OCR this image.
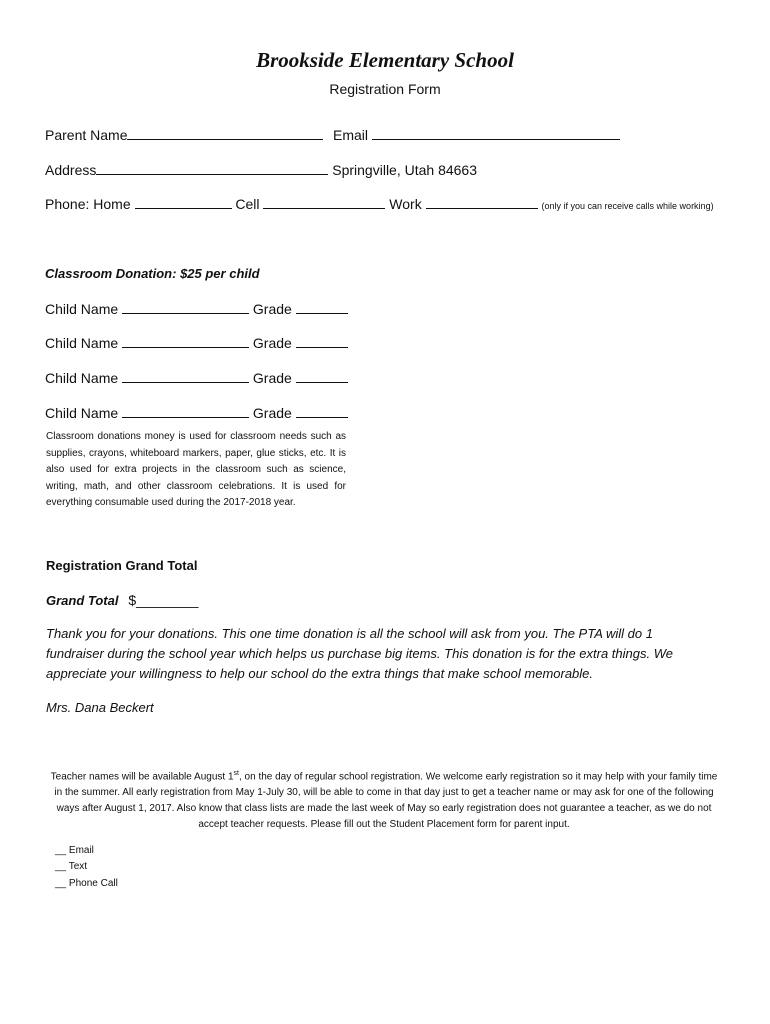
Brookside Elementary School
Registration Form
Parent Name	Email
Address	Springville, Utah 84663
Phone: Home	Cell	Work	(only if you can receive calls while working)
Classroom Donation: $25 per child
Child Name	Grade
Child Name	Grade
Child Name	Grade
Child Name	Grade
Classroom donations money is used for classroom needs such as supplies, crayons, whiteboard markers, paper, glue sticks, etc. It is also used for extra projects in the classroom such as science, writing, math, and other classroom celebrations. It is used for everything consumable used during the 2017-2018 year.
Registration Grand Total
Grand Total $________
Thank you for your donations. This one time donation is all the school will ask from you. The PTA will do 1 fundraiser during the school year which helps us purchase big items. This donation is for the extra things. We appreciate your willingness to help our school do the extra things that make school memorable.
Mrs. Dana Beckert
Teacher names will be available August 1st, on the day of regular school registration. We welcome early registration so it may help with your family time in the summer. All early registration from May 1-July 30, will be able to come in that day just to get a teacher name or may ask for one of the following ways after August 1, 2017. Also know that class lists are made the last week of May so early registration does not guarantee a teacher, as we do not accept teacher requests. Please fill out the Student Placement form for parent input.
__ Email
__ Text
__ Phone Call
